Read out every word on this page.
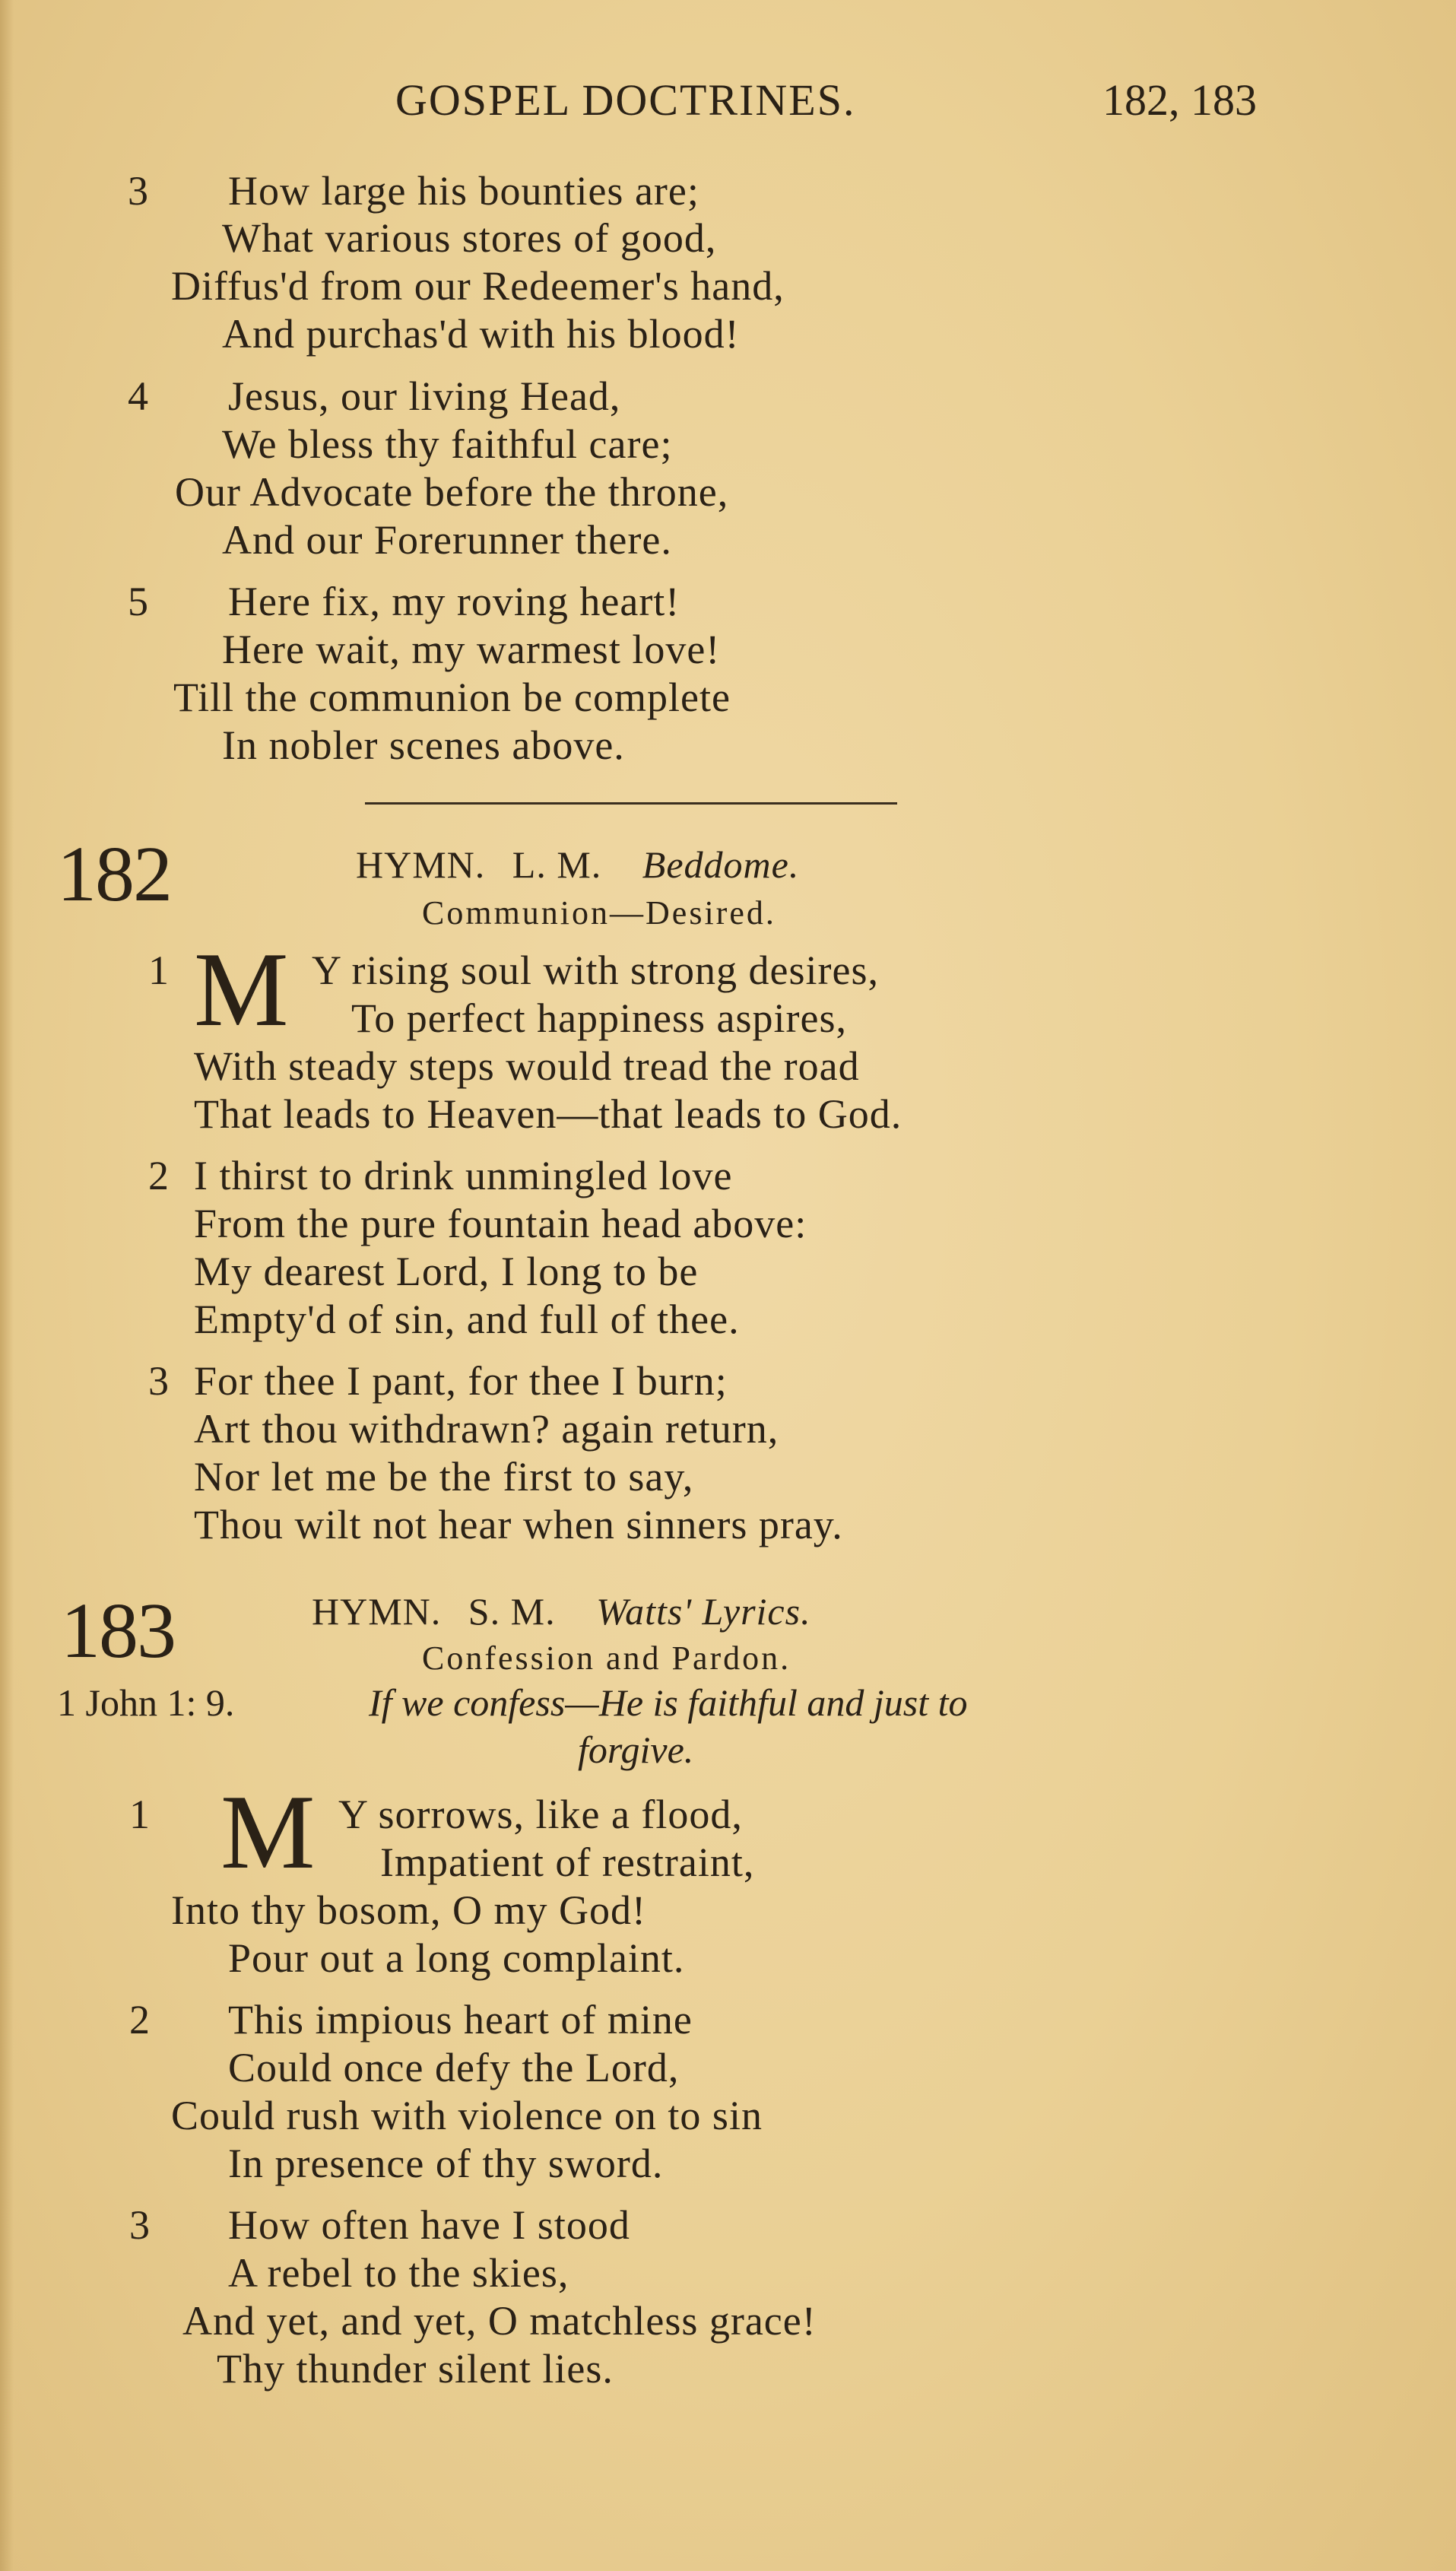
GOSPEL DOCTRINES.	182, 183
3 How large his bounties are;
What various stores of good,
Diffus'd from our Redeemer's hand,
And purchas'd with his blood!
4 Jesus, our living Head,
We bless thy faithful care;
Our Advocate before the throne,
And our Forerunner there.
5 Here fix, my roving heart!
Here wait, my warmest love!
Till the communion be complete
In nobler scenes above.
182	HYMN. L. M. Beddome.
Communion—Desired.
1 M Y rising soul with strong desires,
To perfect happiness aspires,
With steady steps would tread the road
That leads to Heaven—that leads to God.
2 I thirst to drink unmingled love
From the pure fountain head above:
My dearest Lord, I long to be
Empty'd of sin, and full of thee.
3 For thee I pant, for thee I burn;
Art thou withdrawn? again return,
Nor let me be the first to say,
Thou wilt not hear when sinners pray.
183	HYMN. S. M. Watts' Lyrics.
Confession and Pardon.
1 John 1: 9.	If we confess—He is faithful and just to
forgive.
1 M Y sorrows, like a flood,
Impatient of restraint,
Into thy bosom, O my God!
Pour out a long complaint.
2 This impious heart of mine
Could once defy the Lord,
Could rush with violence on to sin
In presence of thy sword.
3 How often have I stood
A rebel to the skies,
And yet, and yet, O matchless grace!
Thy thunder silent lies.
